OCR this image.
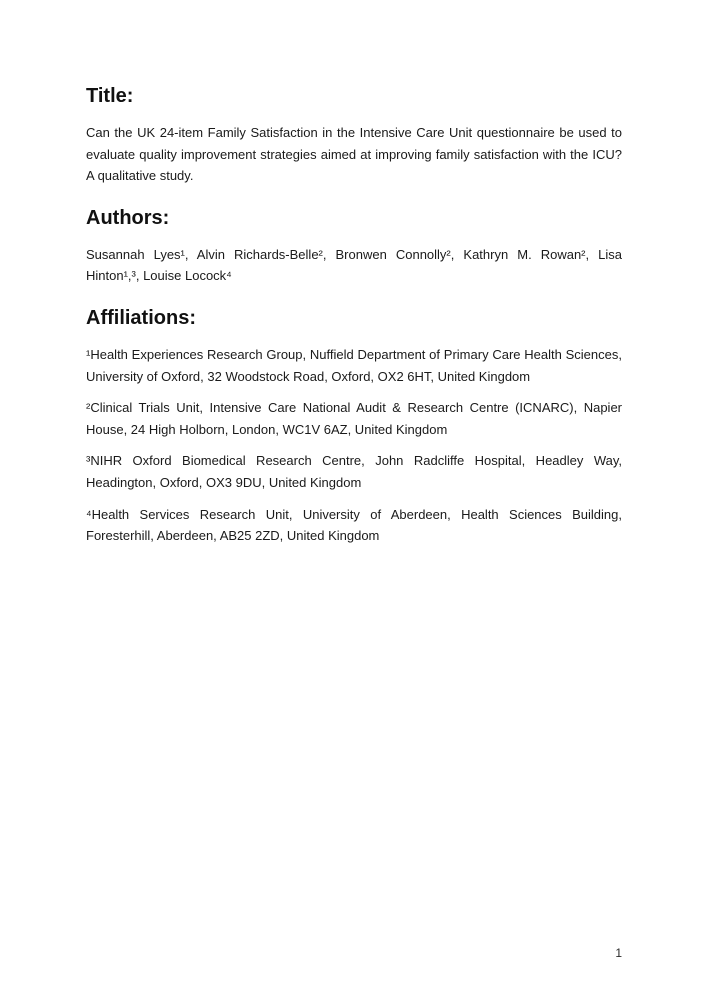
Title:

Can the UK 24-item Family Satisfaction in the Intensive Care Unit questionnaire be used to evaluate quality improvement strategies aimed at improving family satisfaction with the ICU? A qualitative study.

Authors:

Susannah Lyes¹, Alvin Richards-Belle², Bronwen Connolly², Kathryn M. Rowan², Lisa Hinton¹,³, Louise Locock⁴

Affiliations:

¹Health Experiences Research Group, Nuffield Department of Primary Care Health Sciences, University of Oxford, 32 Woodstock Road, Oxford, OX2 6HT, United Kingdom

²Clinical Trials Unit, Intensive Care National Audit & Research Centre (ICNARC), Napier House, 24 High Holborn, London, WC1V 6AZ, United Kingdom

³NIHR Oxford Biomedical Research Centre, John Radcliffe Hospital, Headley Way, Headington, Oxford, OX3 9DU, United Kingdom

⁴Health Services Research Unit, University of Aberdeen, Health Sciences Building, Foresterhill, Aberdeen, AB25 2ZD, United Kingdom

1
